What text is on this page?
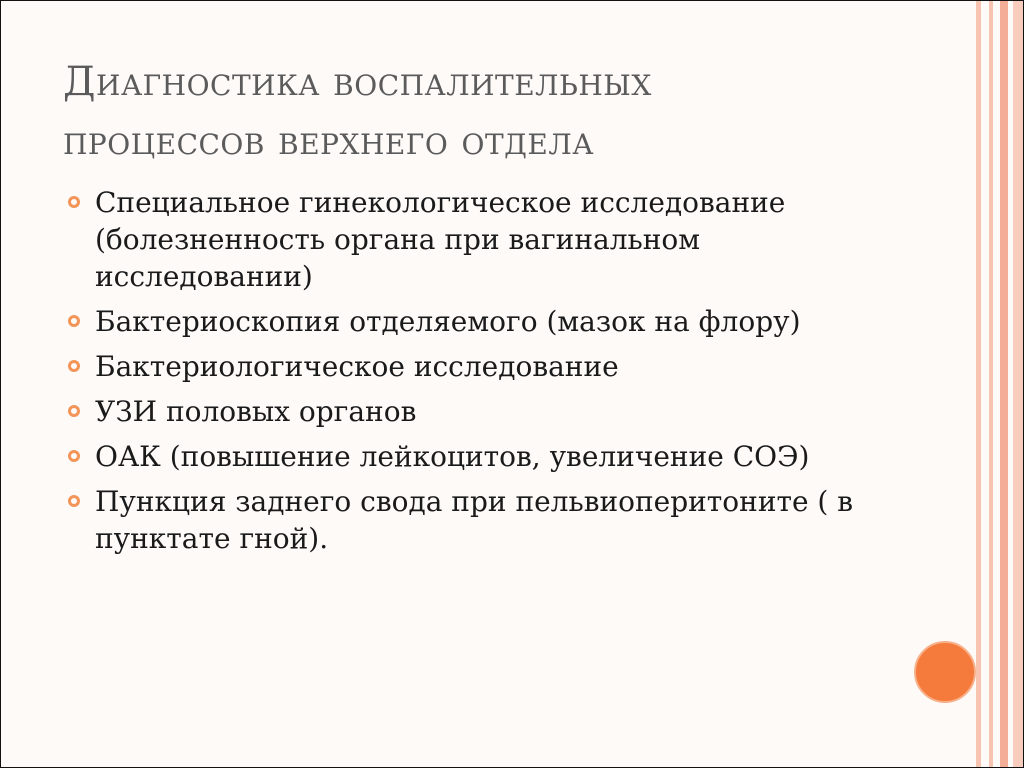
Диагностика воспалительных
процессов верхнего отдела
Специальное гинекологическое исследование (болезненность органа при вагинальном исследовании)
Бактериоскопия отделяемого (мазок на флору)
Бактериологическое исследование
УЗИ половых органов
ОАК (повышение лейкоцитов, увеличение СОЭ)
Пункция заднего свода при пельвиоперитоните ( в пунктате гной).
